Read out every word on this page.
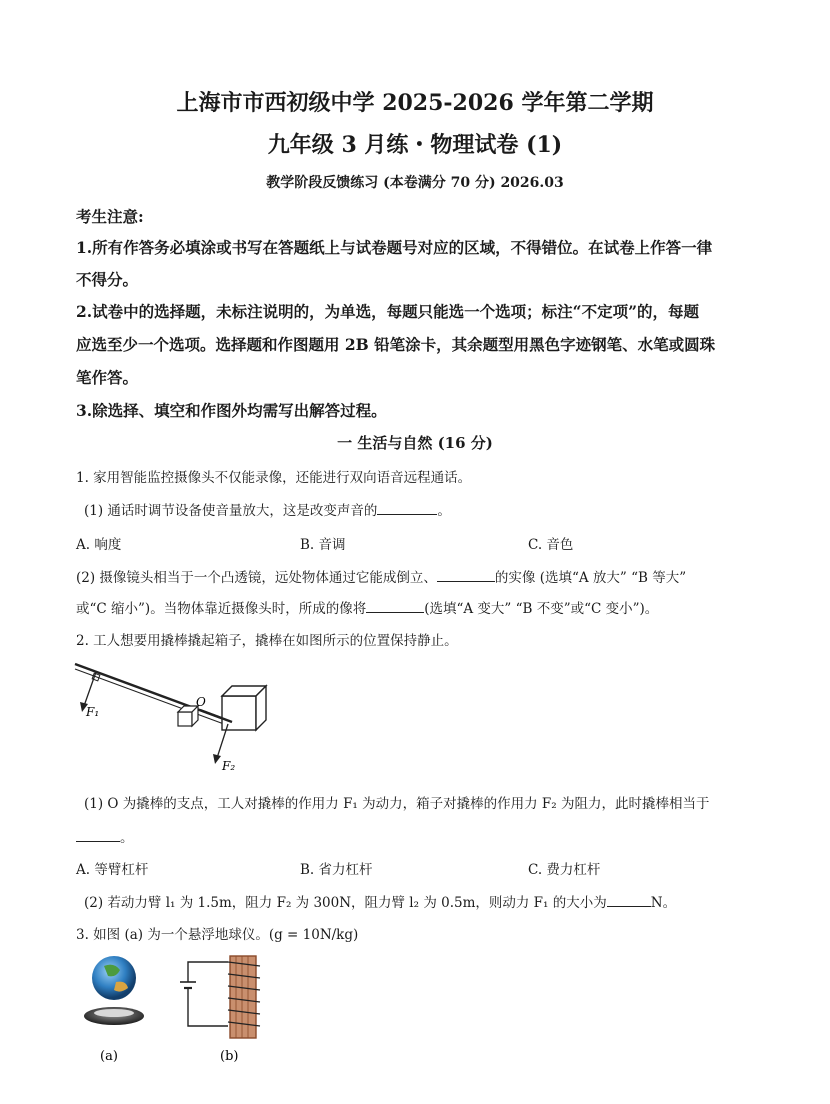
上海市市西初级中学 2025-2026 学年第二学期
九年级 3 月练・物理试卷 (1)
教学阶段反馈练习 (本卷满分 70 分) 2026.03
考生注意:
1.所有作答务必填涂或书写在答题纸上与试卷题号对应的区域，不得错位。在试卷上作答一律
不得分。
2.试卷中的选择题，未标注说明的，为单选，每题只能选一个选项；标注“不定项”的，每题
应选至少一个选项。选择题和作图题用 2B 铅笔涂卡，其余题型用黑色字迹钢笔、水笔或圆珠
笔作答。
3.除选择、填空和作图外均需写出解答过程。
一 生活与自然 (16 分)
1. 家用智能监控摄像头不仅能录像，还能进行双向语音远程通话。
(1) 通话时调节设备使音量放大，这是改变声音的	。
A. 响度	B. 音调	C. 音色
(2) 摄像镜头相当于一个凸透镜，远处物体通过它能成倒立、	的实像 (选填“A 放大” “B 等大”
或“C 缩小”)。当物体靠近摄像头时，所成的像将	(选填“A 变大” “B 不变”或“C 变小”)。
2. 工人想要用撬棒撬起箱子，撬棒在如图所示的位置保持静止。
F₁
O
F₂
(1) O 为撬棒的支点，工人对撬棒的作用力 F₁ 为动力，箱子对撬棒的作用力 F₂ 为阻力，此时撬棒相当于
。
A. 等臂杠杆	B. 省力杠杆	C. 费力杠杆
(2) 若动力臂 l₁ 为 1.5m，阻力 F₂ 为 300N，阻力臂 l₂ 为 0.5m，则动力 F₁ 的大小为	N。
3. 如图 (a) 为一个悬浮地球仪。(g = 10N/kg)
(a)	(b)
